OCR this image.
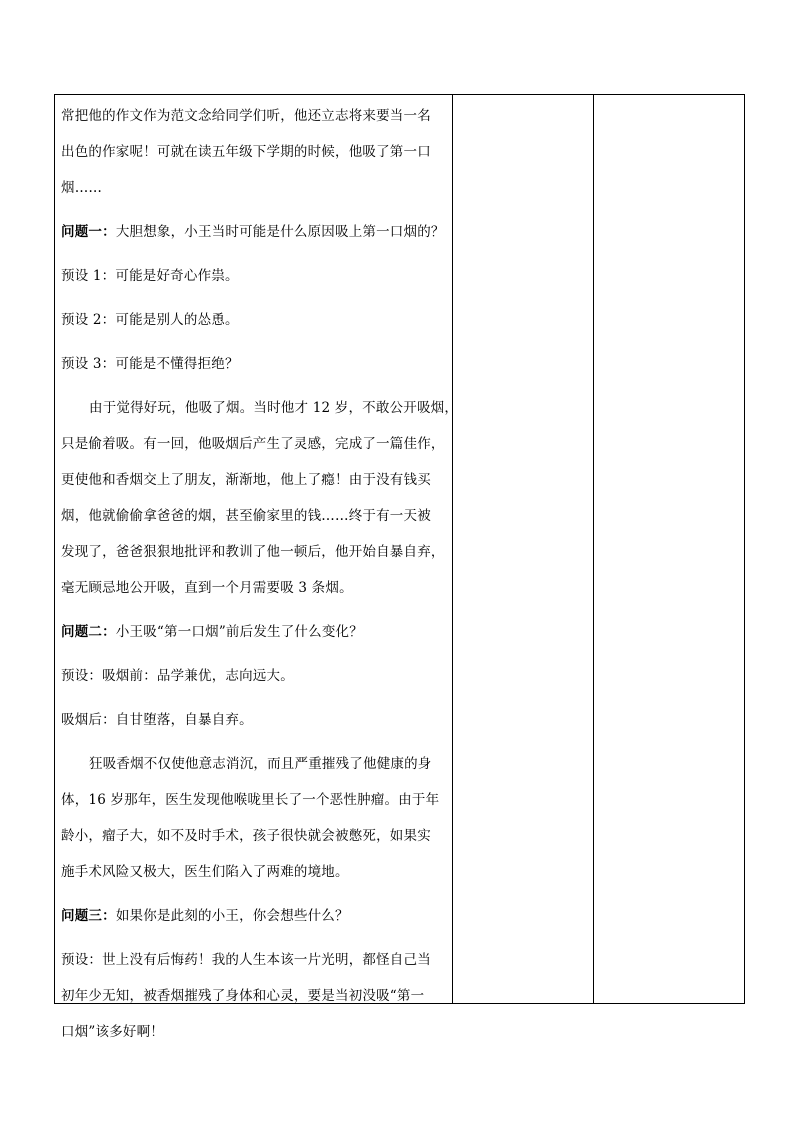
常把他的作文作为范文念给同学们听，他还立志将来要当一名
出色的作家呢！可就在读五年级下学期的时候，他吸了第一口
烟……
问题一：大胆想象，小王当时可能是什么原因吸上第一口烟的？
预设 1：可能是好奇心作祟。
预设 2：可能是别人的怂恿。
预设 3：可能是不懂得拒绝？
由于觉得好玩，他吸了烟。当时他才 12 岁，不敢公开吸烟，
只是偷着吸。有一回，他吸烟后产生了灵感，完成了一篇佳作，
更使他和香烟交上了朋友，渐渐地，他上了瘾！由于没有钱买
烟，他就偷偷拿爸爸的烟，甚至偷家里的钱……终于有一天被
发现了，爸爸狠狠地批评和教训了他一顿后，他开始自暴自弃，
毫无顾忌地公开吸，直到一个月需要吸 3 条烟。
问题二：小王吸“第一口烟”前后发生了什么变化？
预设：吸烟前：品学兼优，志向远大。
吸烟后：自甘堕落，自暴自弃。
狂吸香烟不仅使他意志消沉，而且严重摧残了他健康的身
体，16 岁那年，医生发现他喉咙里长了一个恶性肿瘤。由于年
龄小，瘤子大，如不及时手术，孩子很快就会被憋死，如果实
施手术风险又极大，医生们陷入了两难的境地。
问题三：如果你是此刻的小王，你会想些什么？
预设：世上没有后悔药！我的人生本该一片光明，都怪自己当
初年少无知，被香烟摧残了身体和心灵，要是当初没吸“第一
口烟”该多好啊！
